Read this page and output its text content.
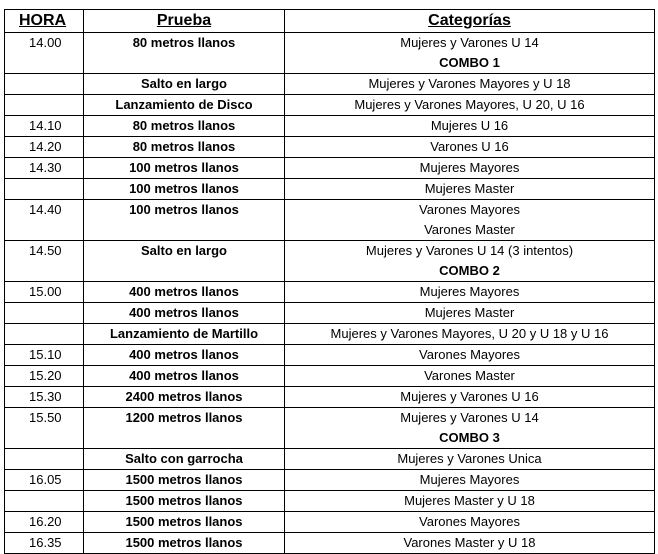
HORA	Prueba	Categorías
14.00	80 metros llanos	Mujeres y Varones U 14
COMBO 1

	Salto en largo	Mujeres y Varones Mayores y U 18

	Lanzamiento de Disco	Mujeres y Varones Mayores, U 20, U 16

14.10	80 metros llanos	Mujeres U 16

14.20	80 metros llanos	Varones U 16

14.30	100 metros llanos	Mujeres Mayores

	100 metros llanos	Mujeres Master

14.40	100 metros llanos	Varones Mayores
Varones Master

14.50	Salto en largo	Mujeres y Varones U 14 (3 intentos)
COMBO 2

15.00	400 metros llanos	Mujeres Mayores

	400 metros llanos	Mujeres Master

	Lanzamiento de Martillo	Mujeres y Varones Mayores, U 20 y U 18 y U 16

15.10	400 metros llanos	Varones Mayores

15.20	400 metros llanos	Varones Master

15.30	2400 metros llanos	Mujeres y Varones U 16

15.50	1200 metros llanos	Mujeres y Varones U 14
COMBO 3

	Salto con garrocha	Mujeres y Varones Unica

16.05	1500 metros llanos	Mujeres Mayores

	1500 metros llanos	Mujeres Master y U 18

16.20	1500 metros llanos	Varones Mayores

16.35	1500 metros llanos	Varones Master y U 18
